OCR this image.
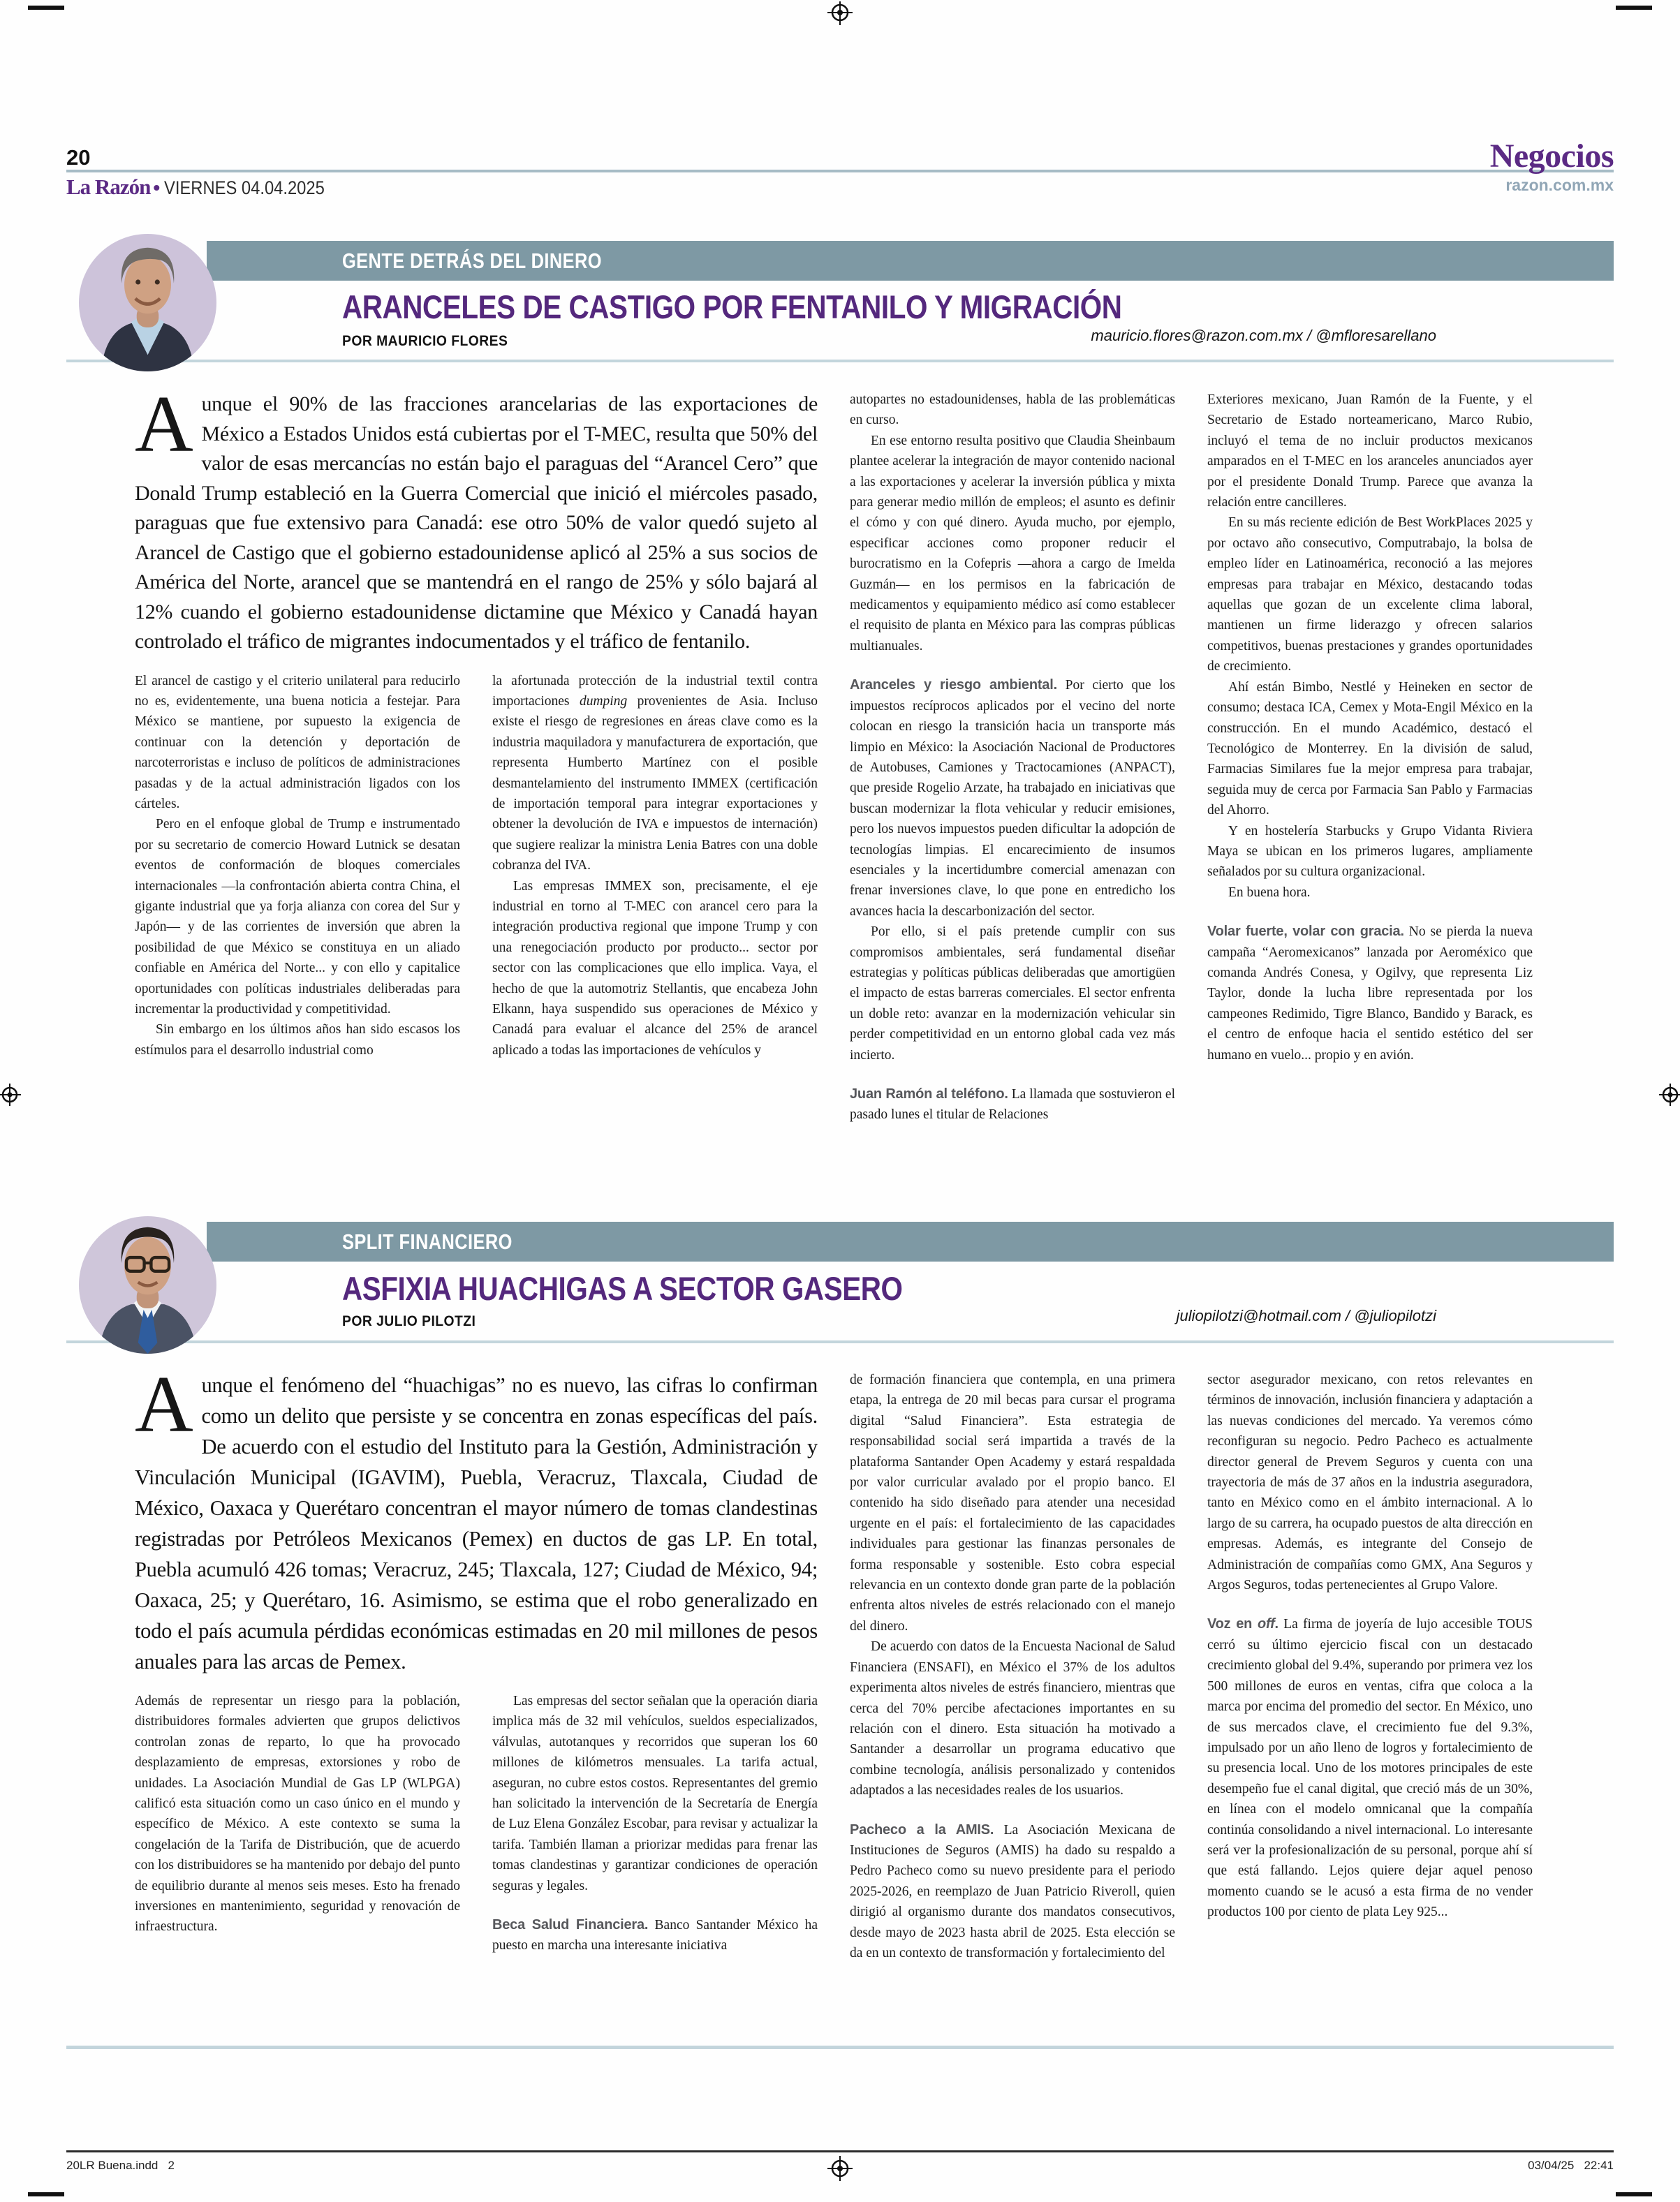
20
La Razón • VIERNES 04.04.2025
Negocios
razon.com.mx
GENTE DETRÁS DEL DINERO
ARANCELES DE CASTIGO POR FENTANILO Y MIGRACIÓN
mauricio.flores@razon.com.mx / @mfloresarellano
POR MAURICIO FLORES
Aunque el 90% de las fracciones arancelarias de las exportaciones de México a Estados Unidos está cubiertas por el T-MEC, resulta que 50% del valor de esas mercancías no están bajo el paraguas del “Arancel Cero” que Donald Trump estableció en la Guerra Comercial que inició el miércoles pasado, paraguas que fue extensivo para Canadá: ese otro 50% de valor quedó sujeto al Arancel de Castigo que el gobierno estadounidense aplicó al 25% a sus socios de América del Norte, arancel que se mantendrá en el rango de 25% y sólo bajará al 12% cuando el gobierno estadounidense dictamine que México y Canadá hayan controlado el tráfico de migrantes indocumentados y el tráfico de fentanilo.

El arancel de castigo y el criterio unilateral para reducirlo no es, evidentemente, una buena noticia a festejar. Para México se mantiene, por supuesto la exigencia de continuar con la detención y deportación de narcoterroristas e incluso de políticos de administraciones pasadas y de la actual administración ligados con los cárteles.

Pero en el enfoque global de Trump e instrumentado por su secretario de comercio Howard Lutnick se desatan eventos de conformación de bloques comerciales internacionales —la confrontación abierta contra China, el gigante industrial que ya forja alianza con corea del Sur y Japón— y de las corrientes de inversión que abren la posibilidad de que México se constituya en un aliado confiable en América del Norte... y con ello y capitalice oportunidades con políticas industriales deliberadas para incrementar la productividad y competitividad.

Sin embargo en los últimos años han sido escasos los estímulos para el desarrollo industrial como

la afortunada protección de la industrial textil contra importaciones dumping provenientes de Asia. Incluso existe el riesgo de regresiones en áreas clave como es la industria maquiladora y manufacturera de exportación, que representa Humberto Martínez con el posible desmantelamiento del instrumento IMMEX (certificación de importación temporal para integrar exportaciones y obtener la devolución de IVA e impuestos de internación) que sugiere realizar la ministra Lenia Batres con una doble cobranza del IVA.

Las empresas IMMEX son, precisamente, el eje industrial en torno al T-MEC con arancel cero para la integración productiva regional que impone Trump y con una renegociación producto por producto... sector por sector con las complicaciones que ello implica. Vaya, el hecho de que la automotriz Stellantis, que encabeza John Elkann, haya suspendido sus operaciones de México y Canadá para evaluar el alcance del 25% de arancel aplicado a todas las importaciones de vehículos y

autopartes no estadounidenses, habla de las problemáticas en curso.

En ese entorno resulta positivo que Claudia Sheinbaum plantee acelerar la integración de mayor contenido nacional a las exportaciones y acelerar la inversión pública y mixta para generar medio millón de empleos; el asunto es definir el cómo y con qué dinero. Ayuda mucho, por ejemplo, especificar acciones como proponer reducir el burocratismo en la Cofepris —ahora a cargo de Imelda Guzmán— en los permisos en la fabricación de medicamentos y equipamiento médico así como establecer el requisito de planta en México para las compras públicas multianuales.

Aranceles y riesgo ambiental. Por cierto que los impuestos recíprocos aplicados por el vecino del norte colocan en riesgo la transición hacia un transporte más limpio en México: la Asociación Nacional de Productores de Autobuses, Camiones y Tractocamiones (ANPACT), que preside Rogelio Arzate, ha trabajado en iniciativas que buscan modernizar la flota vehicular y reducir emisiones, pero los nuevos impuestos pueden dificultar la adopción de tecnologías limpias. El encarecimiento de insumos esenciales y la incertidumbre comercial amenazan con frenar inversiones clave, lo que pone en entredicho los avances hacia la descarbonización del sector.

Por ello, si el país pretende cumplir con sus compromisos ambientales, será fundamental diseñar estrategias y políticas públicas deliberadas que amortigüen el impacto de estas barreras comerciales. El sector enfrenta un doble reto: avanzar en la modernización vehicular sin perder competitividad en un entorno global cada vez más incierto.

Juan Ramón al teléfono. La llamada que sostuvieron el pasado lunes el titular de Relaciones

Exteriores mexicano, Juan Ramón de la Fuente, y el Secretario de Estado norteamericano, Marco Rubio, incluyó el tema de no incluir productos mexicanos amparados en el T-MEC en los aranceles anunciados ayer por el presidente Donald Trump. Parece que avanza la relación entre cancilleres.

En su más reciente edición de Best WorkPlaces 2025 y por octavo año consecutivo, Computrabajo, la bolsa de empleo líder en Latinoamérica, reconoció a las mejores empresas para trabajar en México, destacando todas aquellas que gozan de un excelente clima laboral, mantienen un firme liderazgo y ofrecen salarios competitivos, buenas prestaciones y grandes oportunidades de crecimiento.

Ahí están Bimbo, Nestlé y Heineken en sector de consumo; destaca ICA, Cemex y Mota-Engil México en la construcción. En el mundo Académico, destacó el Tecnológico de Monterrey. En la división de salud, Farmacias Similares fue la mejor empresa para trabajar, seguida muy de cerca por Farmacia San Pablo y Farmacias del Ahorro.

Y en hostelería Starbucks y Grupo Vidanta Riviera Maya se ubican en los primeros lugares, ampliamente señalados por su cultura organizacional.

En buena hora.

Volar fuerte, volar con gracia. No se pierda la nueva campaña “Aeromexicanos” lanzada por Aeroméxico que comanda Andrés Conesa, y Ogilvy, que representa Liz Taylor, donde la lucha libre representada por los campeones Redimido, Tigre Blanco, Bandido y Barack, es el centro de enfoque hacia el sentido estético del ser humano en vuelo... propio y en avión.

SPLIT FINANCIERO
ASFIXIA HUACHIGAS A SECTOR GASERO
juliopilotzi@hotmail.com / @juliopilotzi
POR JULIO PILOTZI
Aunque el fenómeno del “huachigas” no es nuevo, las cifras lo confirman como un delito que persiste y se concentra en zonas específicas del país. De acuerdo con el estudio del Instituto para la Gestión, Administración y Vinculación Municipal (IGAVIM), Puebla, Veracruz, Tlaxcala, Ciudad de México, Oaxaca y Querétaro concentran el mayor número de tomas clandestinas registradas por Petróleos Mexicanos (Pemex) en ductos de gas LP. En total, Puebla acumuló 426 tomas; Veracruz, 245; Tlaxcala, 127; Ciudad de México, 94; Oaxaca, 25; y Querétaro, 16. Asimismo, se estima que el robo generalizado en todo el país acumula pérdidas económicas estimadas en 20 mil millones de pesos anuales para las arcas de Pemex.

Además de representar un riesgo para la población, distribuidores formales advierten que grupos delictivos controlan zonas de reparto, lo que ha provocado desplazamiento de empresas, extorsiones y robo de unidades. La Asociación Mundial de Gas LP (WLPGA) calificó esta situación como un caso único en el mundo y específico de México. A este contexto se suma la congelación de la Tarifa de Distribución, que de acuerdo con los distribuidores se ha mantenido por debajo del punto de equilibrio durante al menos seis meses. Esto ha frenado inversiones en mantenimiento, seguridad y renovación de infraestructura.

Las empresas del sector señalan que la operación diaria implica más de 32 mil vehículos, sueldos especializados, válvulas, autotanques y recorridos que superan los 60 millones de kilómetros mensuales. La tarifa actual, aseguran, no cubre estos costos. Representantes del gremio han solicitado la intervención de la Secretaría de Energía de Luz Elena González Escobar, para revisar y actualizar la tarifa. También llaman a priorizar medidas para frenar las tomas clandestinas y garantizar condiciones de operación seguras y legales.

Beca Salud Financiera. Banco Santander México ha puesto en marcha una interesante iniciativa

de formación financiera que contempla, en una primera etapa, la entrega de 20 mil becas para cursar el programa digital “Salud Financiera”. Esta estrategia de responsabilidad social será impartida a través de la plataforma Santander Open Academy y estará respaldada por valor curricular avalado por el propio banco. El contenido ha sido diseñado para atender una necesidad urgente en el país: el fortalecimiento de las capacidades individuales para gestionar las finanzas personales de forma responsable y sostenible. Esto cobra especial relevancia en un contexto donde gran parte de la población enfrenta altos niveles de estrés relacionado con el manejo del dinero.

De acuerdo con datos de la Encuesta Nacional de Salud Financiera (ENSAFI), en México el 37% de los adultos experimenta altos niveles de estrés financiero, mientras que cerca del 70% percibe afectaciones importantes en su relación con el dinero. Esta situación ha motivado a Santander a desarrollar un programa educativo que combine tecnología, análisis personalizado y contenidos adaptados a las necesidades reales de los usuarios.

Pacheco a la AMIS. La Asociación Mexicana de Instituciones de Seguros (AMIS) ha dado su respaldo a Pedro Pacheco como su nuevo presidente para el periodo 2025-2026, en reemplazo de Juan Patricio Riveroll, quien dirigió al organismo durante dos mandatos consecutivos, desde mayo de 2023 hasta abril de 2025. Esta elección se da en un contexto de transformación y fortalecimiento del

sector asegurador mexicano, con retos relevantes en términos de innovación, inclusión financiera y adaptación a las nuevas condiciones del mercado. Ya veremos cómo reconfiguran su negocio. Pedro Pacheco es actualmente director general de Prevem Seguros y cuenta con una trayectoria de más de 37 años en la industria aseguradora, tanto en México como en el ámbito internacional. A lo largo de su carrera, ha ocupado puestos de alta dirección en empresas. Además, es integrante del Consejo de Administración de compañías como GMX, Ana Seguros y Argos Seguros, todas pertenecientes al Grupo Valore.

Voz en off. La firma de joyería de lujo accesible TOUS cerró su último ejercicio fiscal con un destacado crecimiento global del 9.4%, superando por primera vez los 500 millones de euros en ventas, cifra que coloca a la marca por encima del promedio del sector. En México, uno de sus mercados clave, el crecimiento fue del 9.3%, impulsado por un año lleno de logros y fortalecimiento de su presencia local. Uno de los motores principales de este desempeño fue el canal digital, que creció más de un 30%, en línea con el modelo omnicanal que la compañía continúa consolidando a nivel internacional. Lo interesante será ver la profesionalización de su personal, porque ahí sí que está fallando. Lejos quiere dejar aquel penoso momento cuando se le acusó a esta firma de no vender productos 100 por ciento de plata Ley 925...

20LR Buena.indd   2	03/04/25   22:41
